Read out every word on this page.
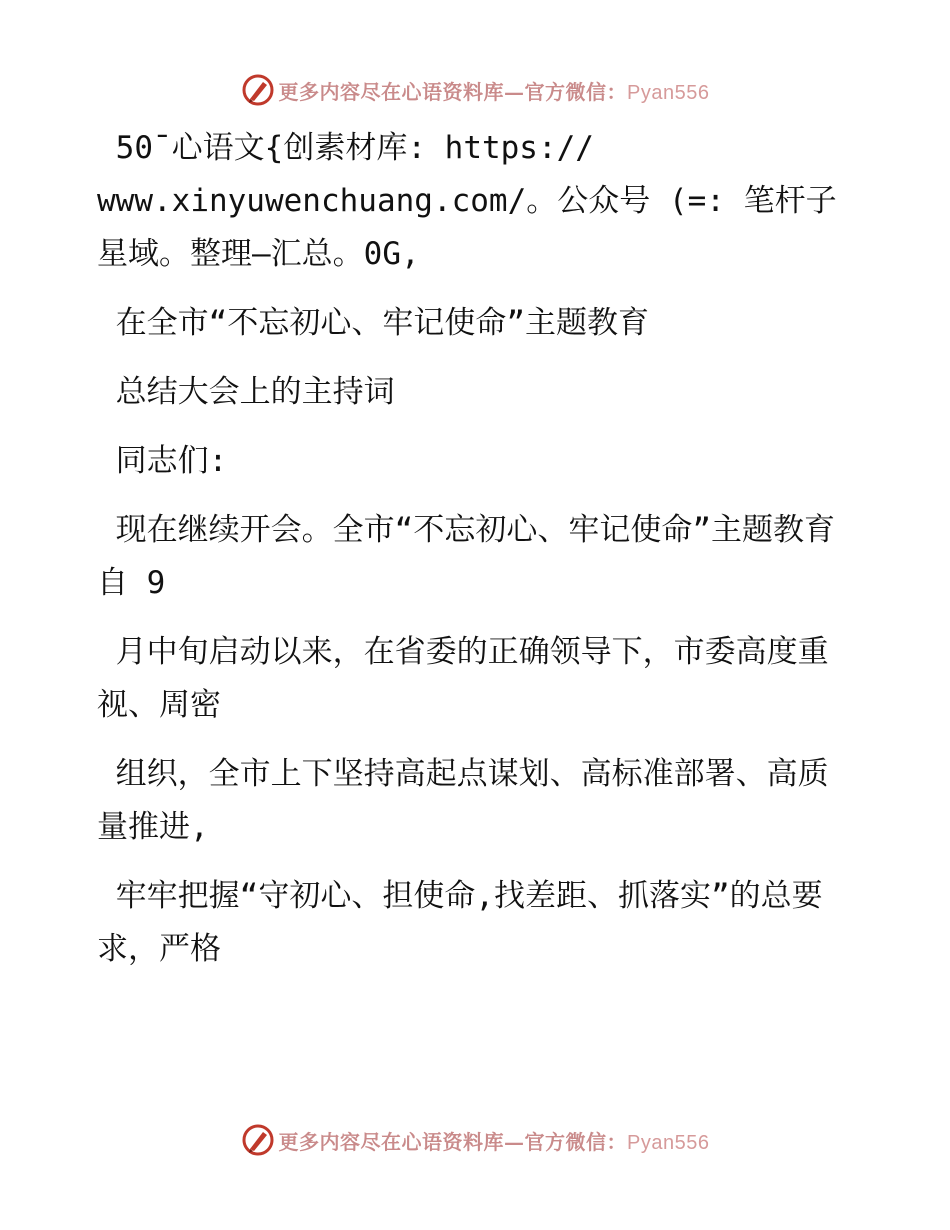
更多内容尽在心语资料库—官方微信：Pyan556

50¯心语文{创素材库: https://
www.xinyuwenchuang.com/。公众号 (=: 笔杆子星域。整理—汇总。0G,

在全市“不忘初心、牢记使命”主题教育

总结大会上的主持词

同志们:

现在继续开会。全市“不忘初心、牢记使命”主题教育自 9

月中旬启动以来，在省委的正确领导下，市委高度重视、周密

组织，全市上下坚持高起点谋划、高标准部署、高质量推进,

牢牢把握“守初心、担使命,找差距、抓落实”的总要求，严格

更多内容尽在心语资料库—官方微信：Pyan556
